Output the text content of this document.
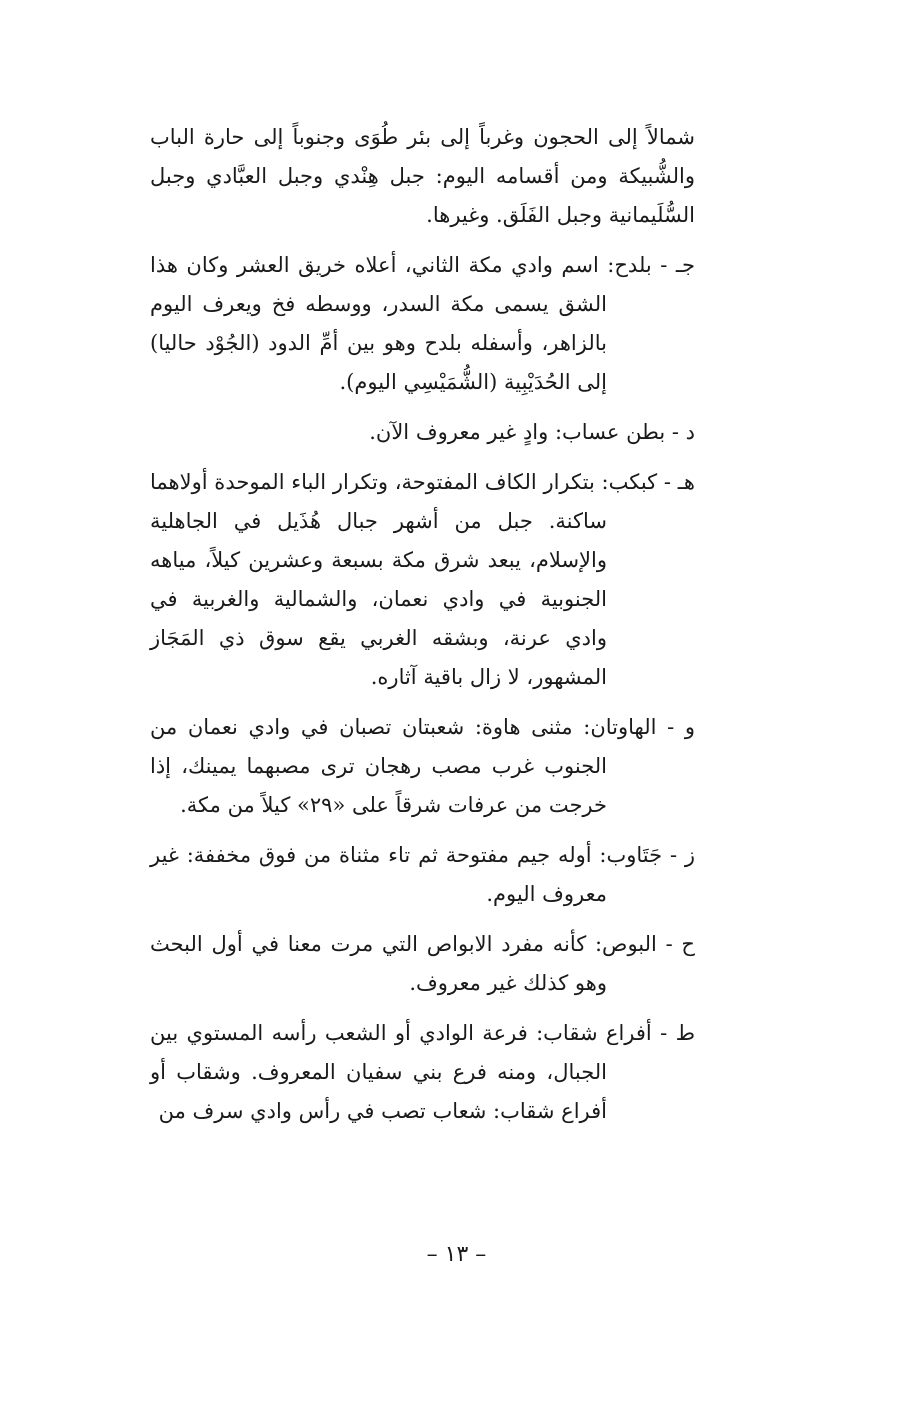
شمالاً إلى الحجون وغرباً إلى بئر طُوَى وجنوباً إلى حارة الباب والشُّبيكة ومن أقسامه اليوم: جبل هِنْدي وجبل العبَّادي وجبل السُّلَيمانية وجبل الفَلَق. وغيرها.

جـ - بلدح: اسم وادي مكة الثاني، أعلاه خريق العشر وكان هذا الشق يسمى مكة السدر، ووسطه فخ ويعرف اليوم بالزاهر، وأسفله بلدح وهو بين أمِّ الدود (الجُوْد حاليا) إلى الحُدَيْبِية (الشُّمَيْسِي اليوم).

د - بطن عساب: وادٍ غير معروف الآن.

هـ - كبكب: بتكرار الكاف المفتوحة، وتكرار الباء الموحدة أولاهما ساكنة. جبل من أشهر جبال هُذَيل في الجاهلية والإسلام، يبعد شرق مكة بسبعة وعشرين كيلاً، مياهه الجنوبية في وادي نعمان، والشمالية والغربية في وادي عرنة، وبشقه الغربي يقع سوق ذي المَجَاز المشهور، لا زال باقية آثاره.

و - الهاوتان: مثنى هاوة: شعبتان تصبان في وادي نعمان من الجنوب غرب مصب رهجان ترى مصبهما يمينك، إذا خرجت من عرفات شرقاً على «٢٩» كيلاً من مكة.

ز - جَتَاوب: أوله جيم مفتوحة ثم تاء مثناة من فوق مخففة: غير معروف اليوم.

ح - البوص: كأنه مفرد الابواص التي مرت معنا في أول البحث وهو كذلك غير معروف.

ط - أفراع شقاب: فرعة الوادي أو الشعب رأسه المستوي بين الجبال، ومنه فرع بني سفيان المعروف. وشقاب أو أفراع شقاب: شعاب تصب في رأس وادي سرف من

– ١٣ –
